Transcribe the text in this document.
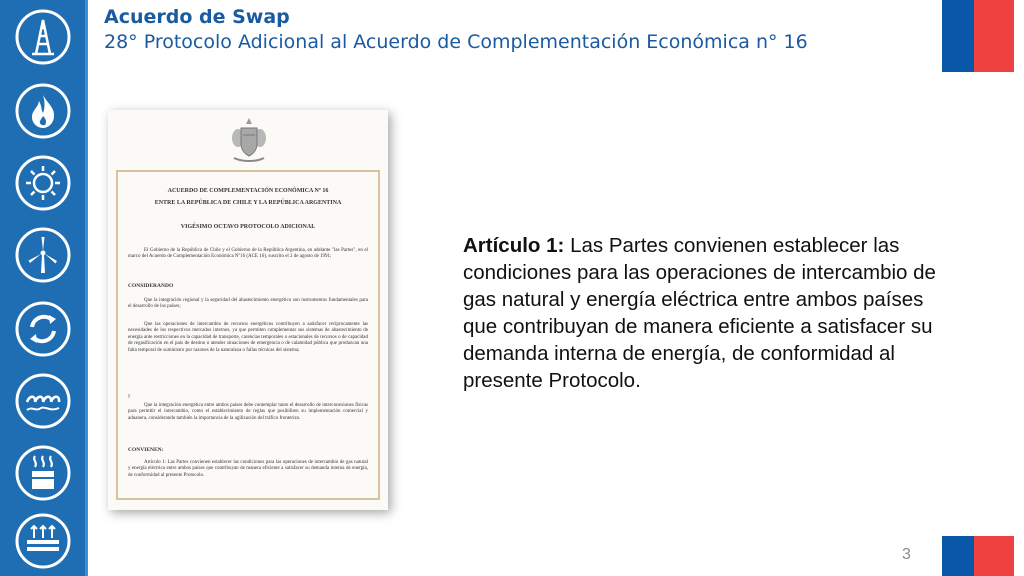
Acuerdo de Swap
28° Protocolo Adicional al Acuerdo de Complementación Económica n° 16
ACUERDO DE COMPLEMENTACIÓN ECONÓMICA Nº 16
ENTRE LA REPÚBLICA DE CHILE Y LA REPÚBLICA ARGENTINA
VIGÉSIMO OCTAVO PROTOCOLO ADICIONAL
El Gobierno de la República de Chile y el Gobierno de la República Argentina, en adelante "las Partes", en el marco del Acuerdo de Complementación Económica Nº16 (ACE 16), suscrito el 2 de agosto de 1991;
CONSIDERANDO
Que la integración regional y la seguridad del abastecimiento energético son instrumentos fundamentales para el desarrollo de los países;
Que las operaciones de intercambio de recursos energéticos contribuyen a satisfacer recíprocamente las necesidades de los respectivos mercados internos, ya que permiten complementar sus sistemas de abastecimiento de energía ante restricciones en la capacidad de transporte, carencias temporales o estacionales de recursos o de capacidad de regasificación en el país de destino o atender situaciones de emergencia o de calamidad pública que produzcan una falta temporal de suministro por razones de la naturaleza o fallas técnicas del sistema;
y
Que la integración energética entre ambos países debe contemplar tanto el desarrollo de interconexiones físicas para permitir el intercambio, como el establecimiento de reglas que posibiliten su implementación comercial y aduanera, considerando también la importancia de la agilización del tráfico fronterizo.
CONVIENEN:
Artículo 1: Las Partes convienen establecer las condiciones para las operaciones de intercambio de gas natural y energía eléctrica entre ambos países que contribuyan de manera eficiente a satisfacer su demanda interna de energía, de conformidad al presente Protocolo.
Artículo 1: Las Partes convienen establecer las condiciones para las operaciones de intercambio de gas natural y energía eléctrica entre ambos países que contribuyan de manera eficiente a satisfacer su demanda interna de energía, de conformidad al presente Protocolo.
3
